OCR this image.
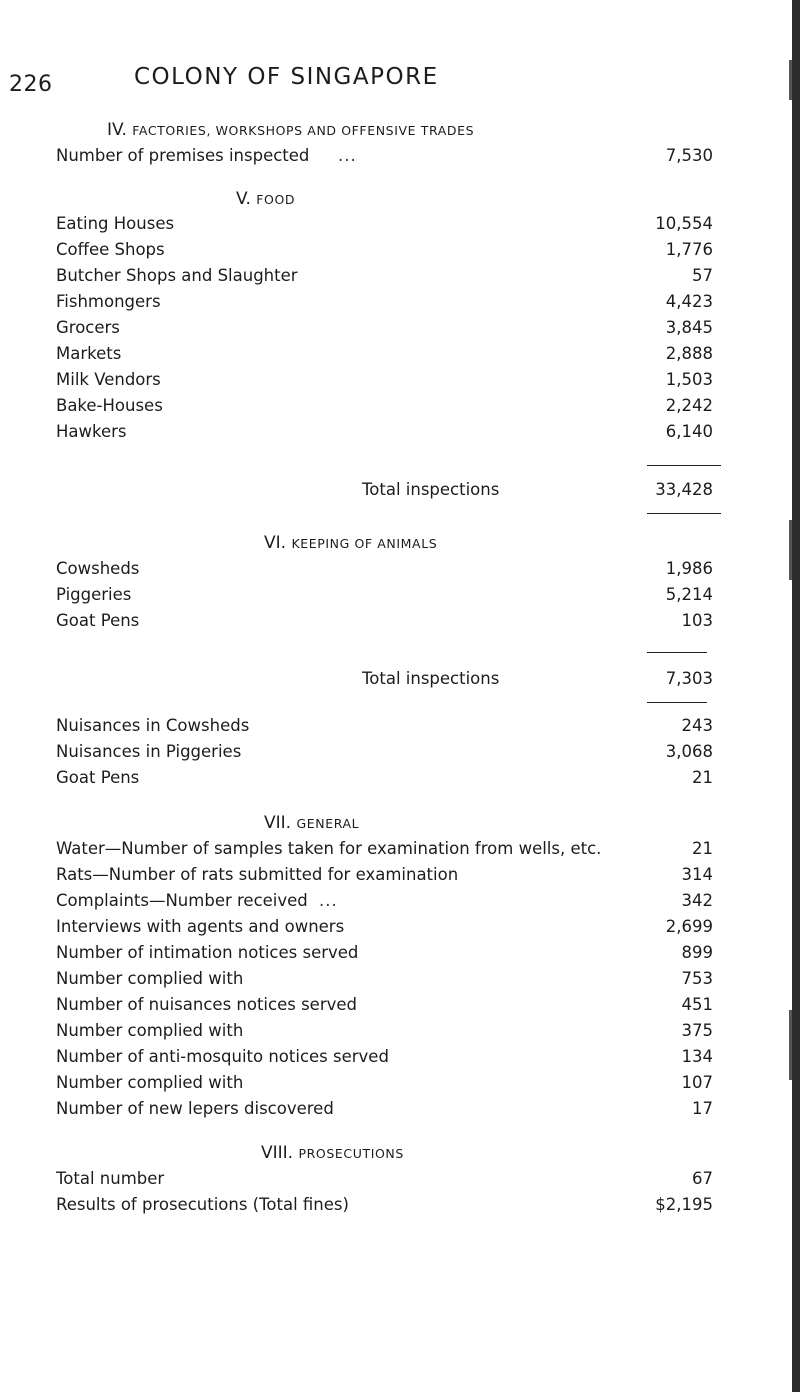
226	COLONY OF SINGAPORE
IV. FACTORIES, WORKSHOPS AND OFFENSIVE TRADES
Number of premises inspected ...	7,530
V. FOOD
Eating Houses	10,554
Coffee Shops	1,776
Butcher Shops and Slaughter	57
Fishmongers	4,423
Grocers	3,845
Markets	2,888
Milk Vendors	1,503
Bake-Houses	2,242
Hawkers	6,140
Total inspections	33,428
VI. KEEPING OF ANIMALS
Cowsheds	1,986
Piggeries	5,214
Goat Pens	103
Total inspections	7,303
Nuisances in Cowsheds	243
Nuisances in Piggeries	3,068
Goat Pens	21
VII. GENERAL
Water—Number of samples taken for examination from wells, etc.	21
Rats—Number of rats submitted for examination	314
Complaints—Number received ...	342
Interviews with agents and owners	2,699
Number of intimation notices served	899
Number complied with	753
Number of nuisances notices served	451
Number complied with	375
Number of anti-mosquito notices served	134
Number complied with	107
Number of new lepers discovered	17
VIII. PROSECUTIONS
Total number	67
Results of prosecutions (Total fines)	$2,195
